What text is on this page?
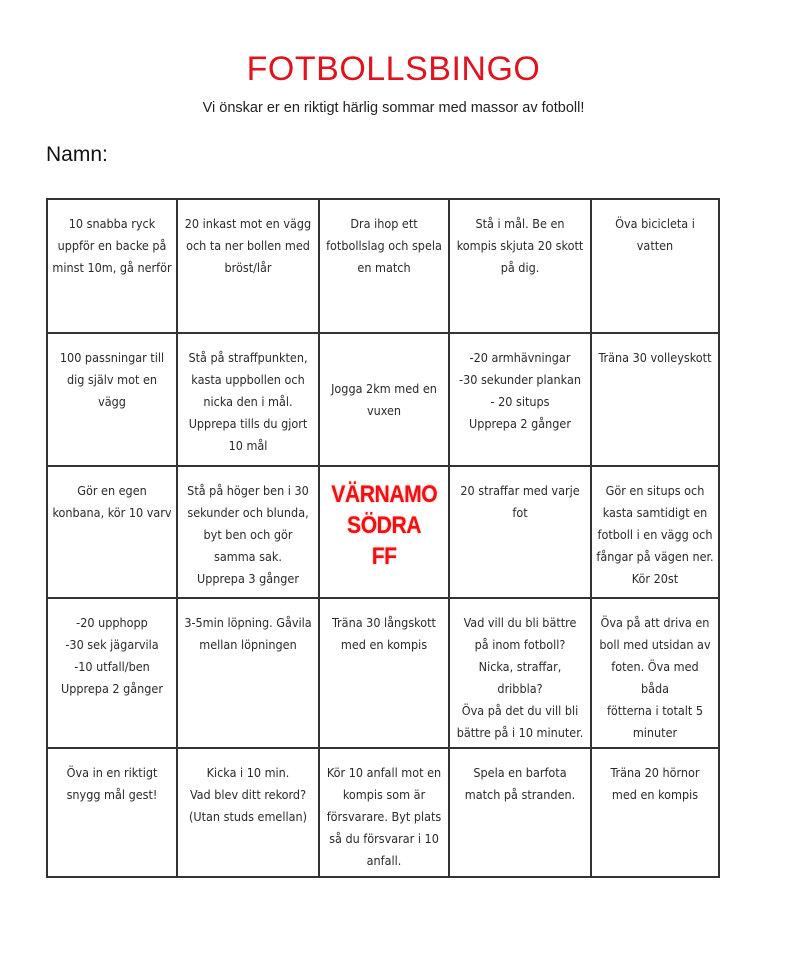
FOTBOLLSBINGO
Vi önskar er en riktigt härlig sommar med massor av fotboll!
Namn:
10 snabba ryck
uppför en backe på
minst 10m, gå nerför
20 inkast mot en vägg
och ta ner bollen med
bröst/lår
Dra ihop ett
fotbollslag och spela
en match
Stå i mål. Be en
kompis skjuta 20 skott
på dig.
Öva bicicleta i
vatten
100 passningar till
dig själv mot en
vägg
Stå på straffpunkten,
kasta uppbollen och
nicka den i mål.
Upprepa tills du gjort
10 mål
Jogga 2km med en
vuxen
-20 armhävningar
-30 sekunder plankan
- 20 situps
Upprepa 2 gånger
Träna 30 volleyskott
Gör en egen
konbana, kör 10 varv
Stå på höger ben i 30
sekunder och blunda,
byt ben och gör
samma sak.
Upprepa 3 gånger
VÄRNAMO
SÖDRA
FF
20 straffar med varje
fot
Gör en situps och
kasta samtidigt en
fotboll i en vägg och
fångar på vägen ner.
Kör 20st
-20 upphopp
-30 sek jägarvila
-10 utfall/ben
Upprepa 2 gånger
3-5min löpning. Gåvila
mellan löpningen
Träna 30 långskott
med en kompis
Vad vill du bli bättre
på inom fotboll?
Nicka, straffar,
dribbla?
Öva på det du vill bli
bättre på i 10 minuter.
Öva på att driva en
boll med utsidan av
foten. Öva med båda
fötterna i totalt 5
minuter
Öva in en riktigt
snygg mål gest!
Kicka i 10 min.
Vad blev ditt rekord?
(Utan studs emellan)
Kör 10 anfall mot en
kompis som är
försvarare. Byt plats
så du försvarar i 10
anfall.
Spela en barfota
match på stranden.
Träna 20 hörnor
med en kompis
